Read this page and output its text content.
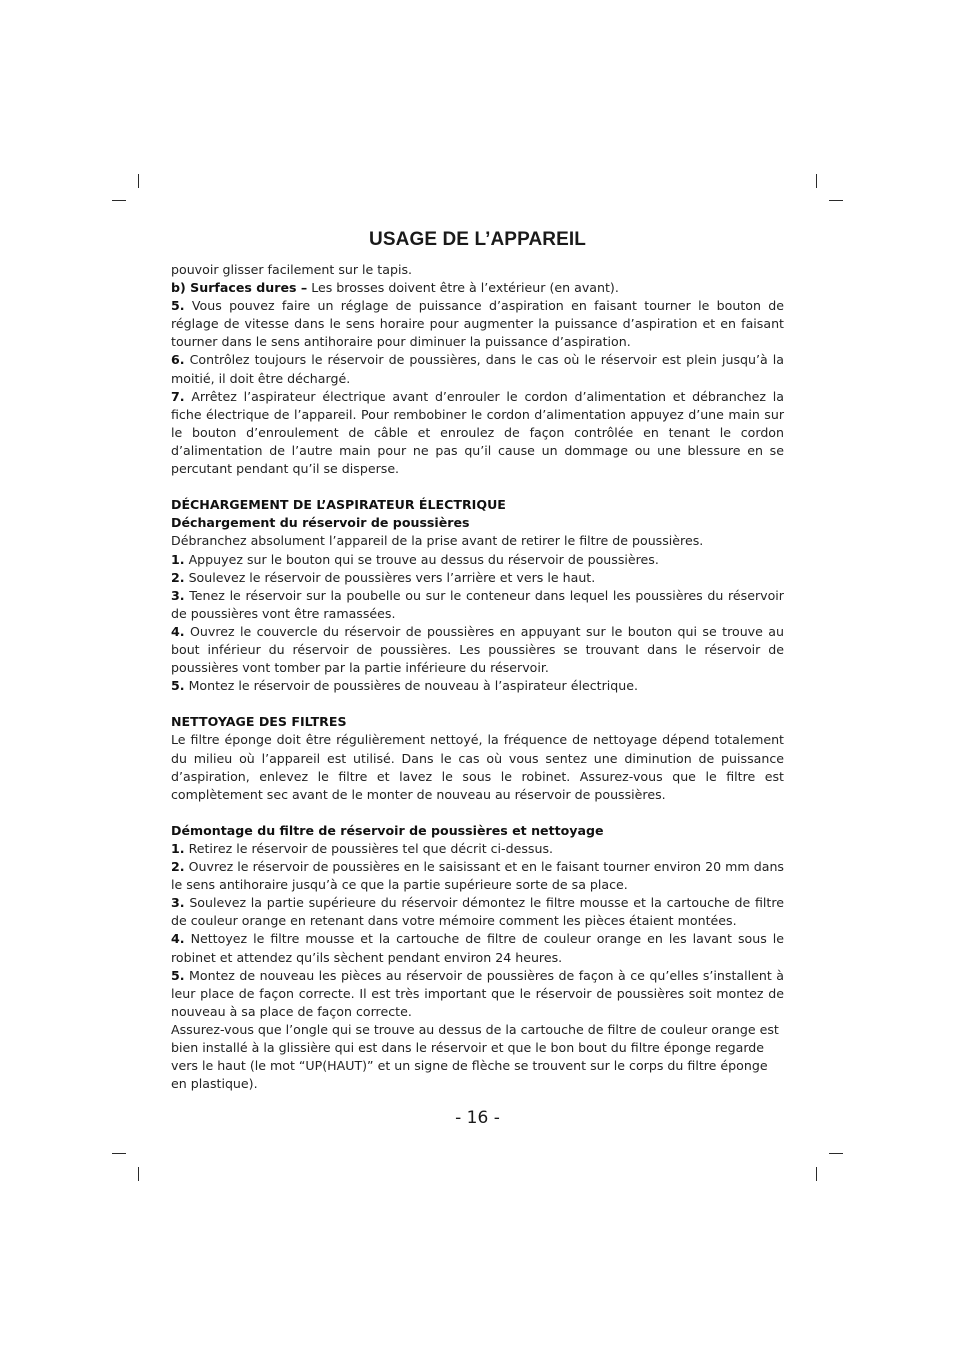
USAGE DE L’APPAREIL

pouvoir glisser facilement sur le tapis.

b) Surfaces dures – Les brosses doivent être à l’extérieur (en avant).

5. Vous pouvez faire un réglage de puissance d’aspiration en faisant tourner le bouton de réglage de vitesse dans le sens horaire pour augmenter la puissance d’aspiration et en faisant tourner dans le sens antihoraire pour diminuer la puissance d’aspiration.

6. Contrôlez toujours le réservoir de poussières, dans le cas où le réservoir est plein jusqu’à la moitié, il doit être déchargé.

7. Arrêtez l’aspirateur électrique avant d’enrouler le cordon d’alimentation et débranchez la fiche électrique de l’appareil. Pour rembobiner le cordon d’alimentation appuyez d’une main sur le bouton d’enroulement de câble et enroulez de façon contrôlée en tenant le cordon d’alimentation de l’autre main pour ne pas qu’il cause un dommage ou une blessure en se percutant pendant qu’il se disperse.

DÉCHARGEMENT DE L’ASPIRATEUR ÉLECTRIQUE
Déchargement du réservoir de poussières

Débranchez absolument l’appareil de la prise avant de retirer le filtre de poussières.

1. Appuyez sur le bouton qui se trouve au dessus du réservoir de poussières.

2. Soulevez le réservoir de poussières vers l’arrière et vers le haut.

3. Tenez le réservoir sur la poubelle ou sur le conteneur dans lequel les poussières du réservoir de poussières vont être ramassées.

4. Ouvrez le couvercle du réservoir de poussières en appuyant sur le bouton qui se trouve au bout inférieur du réservoir de poussières. Les poussières se trouvant dans le réservoir de poussières vont tomber par la partie inférieure du réservoir.

5. Montez le réservoir de poussières de nouveau à l’aspirateur électrique.

NETTOYAGE DES FILTRES

Le filtre éponge doit être régulièrement nettoyé, la fréquence de nettoyage dépend totalement du milieu où l’appareil est utilisé. Dans le cas où vous sentez une diminution de puissance d’aspiration, enlevez le filtre et lavez le sous le robinet. Assurez-vous que le filtre est complètement sec avant de le monter de nouveau au réservoir de poussières.

Démontage du filtre de réservoir de poussières et nettoyage

1. Retirez le réservoir de poussières tel que décrit ci-dessus.

2. Ouvrez le réservoir de poussières en le saisissant et en le faisant tourner environ 20 mm dans le sens antihoraire jusqu’à ce que la partie supérieure sorte de sa place.

3. Soulevez la partie supérieure du réservoir démontez le filtre mousse et la cartouche de filtre de couleur orange en retenant dans votre mémoire comment les pièces étaient montées.

4. Nettoyez le filtre mousse et la cartouche de filtre de couleur orange en les lavant sous le robinet et attendez qu’ils sèchent pendant environ 24 heures.

5. Montez de nouveau les pièces au réservoir de poussières de façon à ce qu’elles s’installent à leur place de façon correcte. Il est très important que le réservoir de poussières soit montez de nouveau à sa place de façon correcte.

Assurez-vous que l’ongle qui se trouve au dessus de la cartouche de filtre de couleur orange est bien installé à la glissière qui est dans le réservoir et que le bon bout du filtre éponge regarde vers le haut (le mot “UP(HAUT)” et un signe de flèche se trouvent sur le corps du filtre éponge en plastique).

- 16 -
